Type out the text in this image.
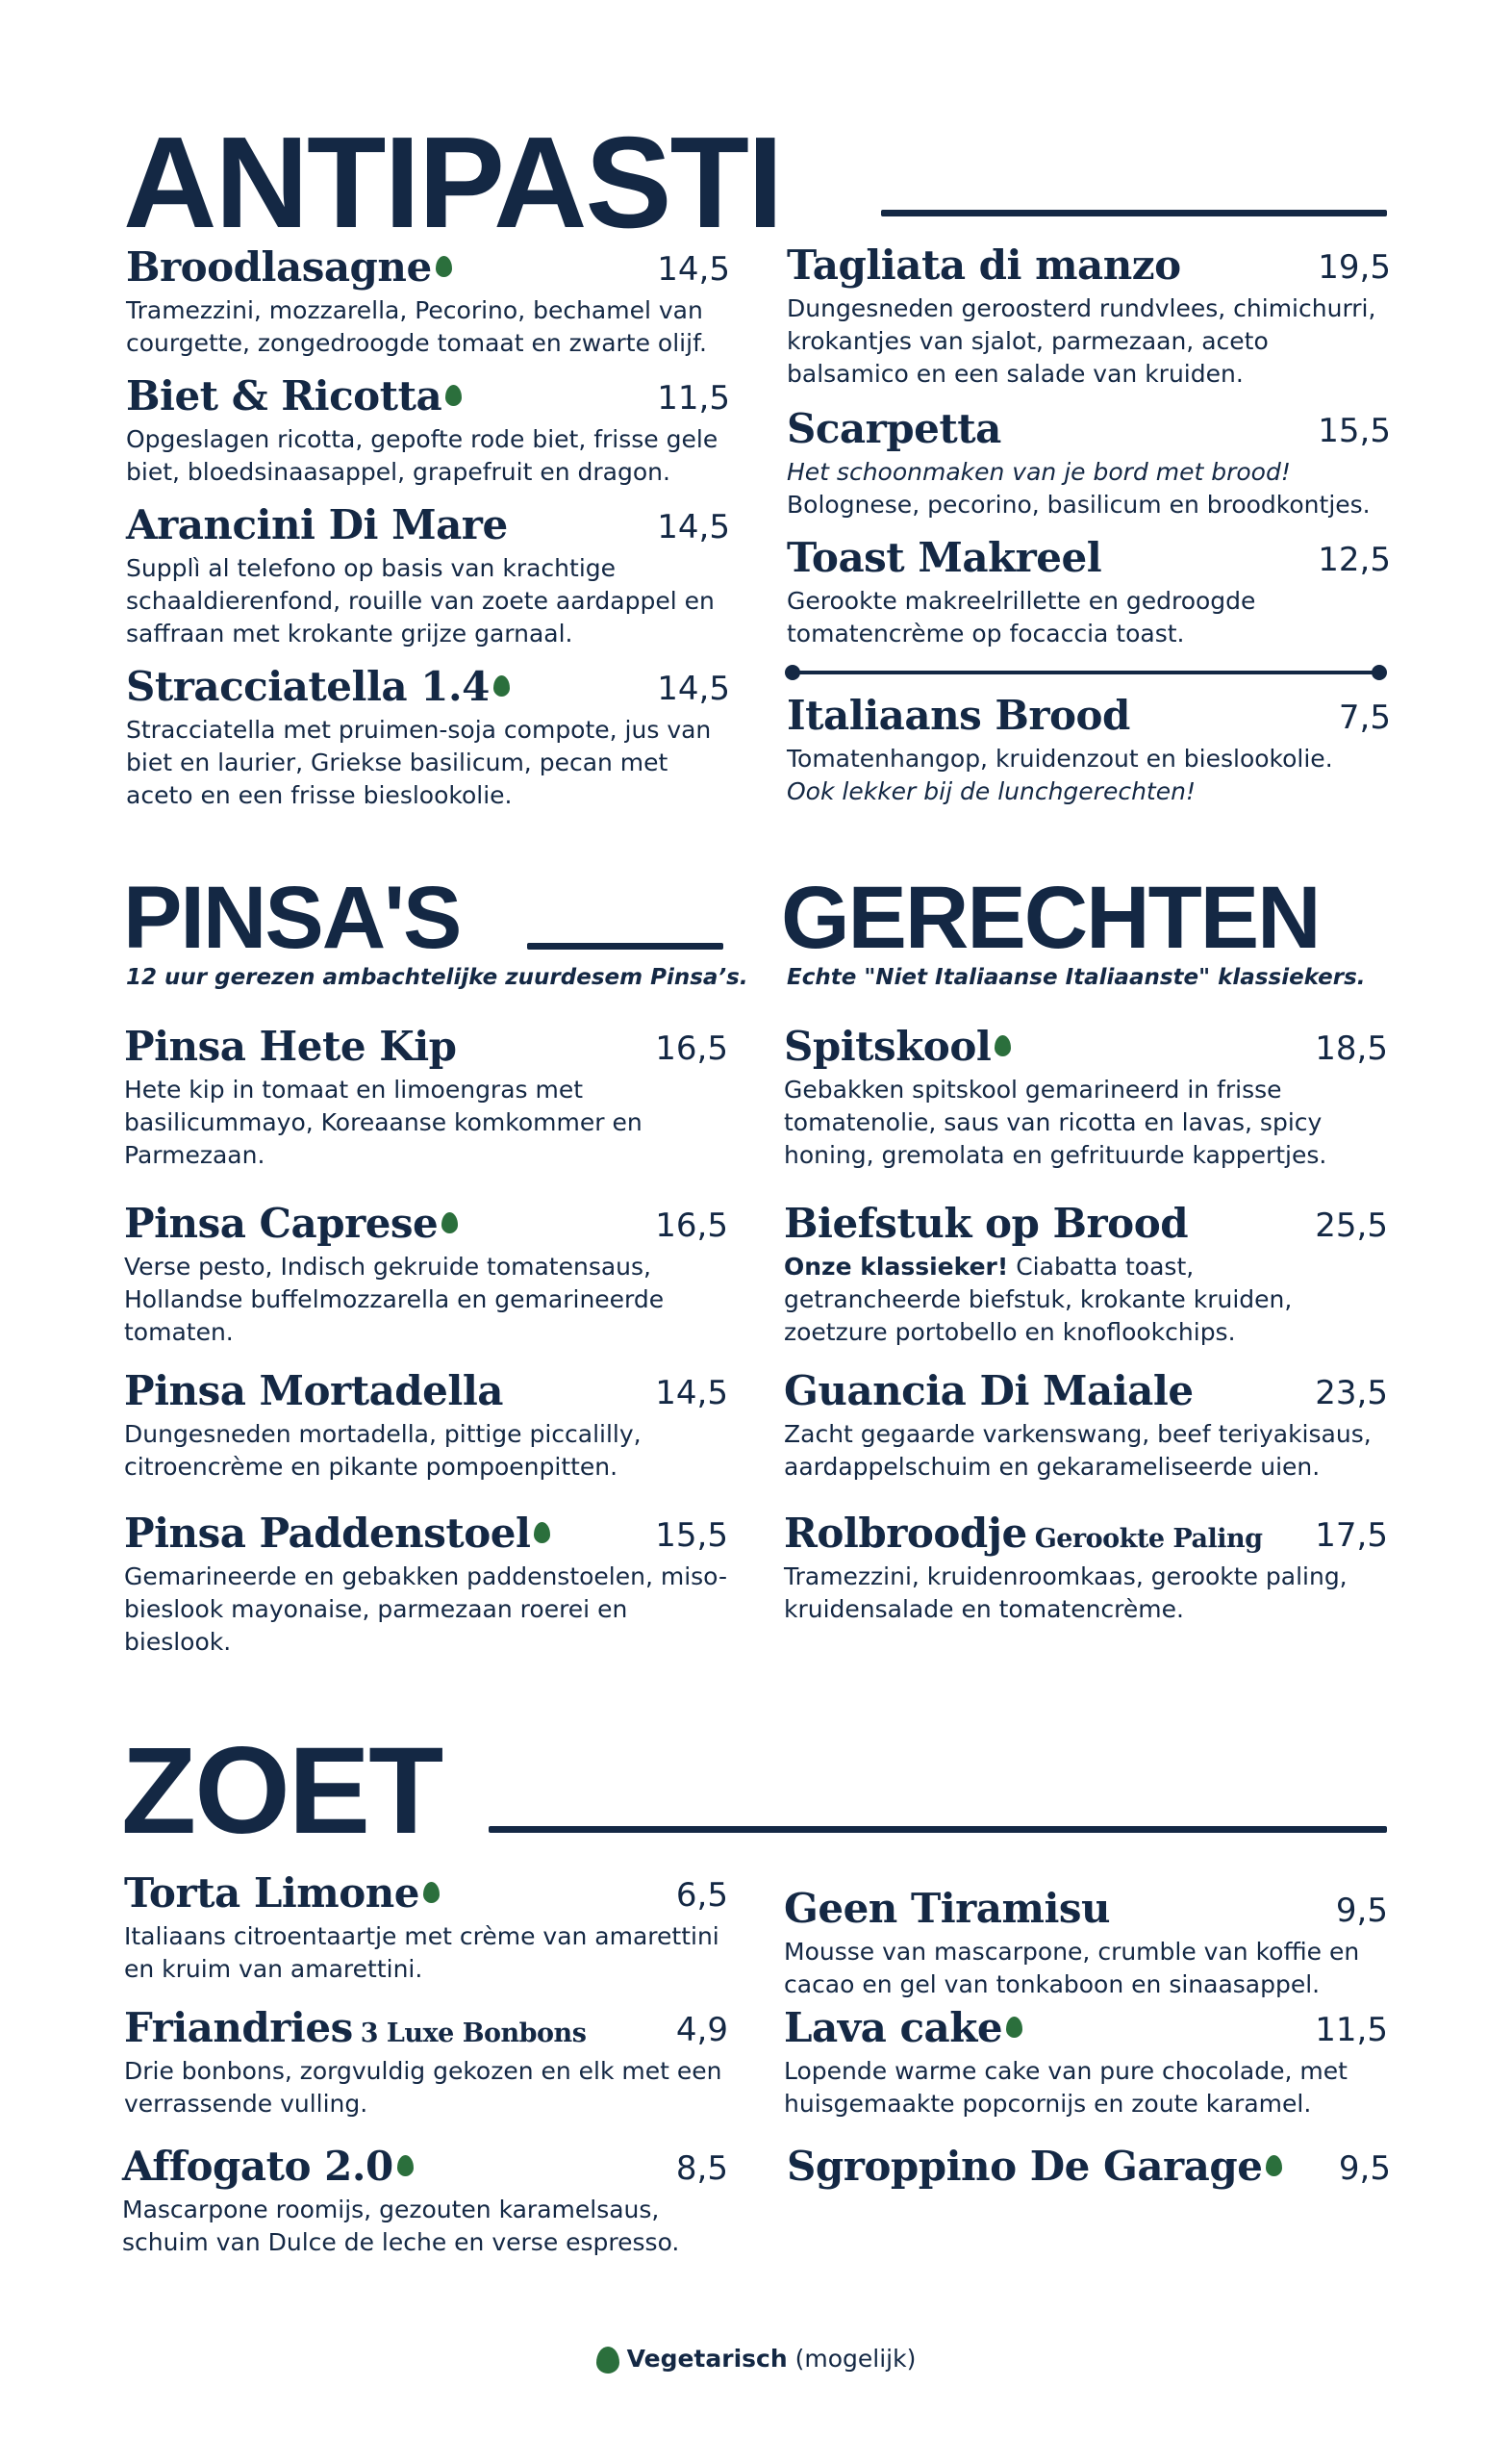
ANTIPASTI
Broodlasagne	14,5
Tramezzini, mozzarella, Pecorino, bechamel van courgette, zongedroogde tomaat en zwarte olijf.
Biet & Ricotta	11,5
Opgeslagen ricotta, gepofte rode biet, frisse gele biet, bloedsinaasappel, grapefruit en dragon.
Arancini Di Mare	14,5
Supplì al telefono op basis van krachtige schaaldierenfond, rouille van zoete aardappel en saffraan met krokante grijze garnaal.
Stracciatella 1.4	14,5
Stracciatella met pruimen-soja compote, jus van biet en laurier, Griekse basilicum, pecan met aceto en een frisse bieslookolie.
Tagliata di manzo	19,5
Dungesneden geroosterd rundvlees, chimichurri, krokantjes van sjalot, parmezaan, aceto balsamico en een salade van kruiden.
Scarpetta	15,5
Het schoonmaken van je bord met brood!
Bolognese, pecorino, basilicum en broodkontjes.
Toast Makreel	12,5
Gerookte makreelrillette en gedroogde tomatencrème op focaccia toast.
Italiaans Brood	7,5
Tomatenhangop, kruidenzout en bieslookolie.
Ook lekker bij de lunchgerechten!
PINSA'S
12 uur gerezen ambachtelijke zuurdesem Pinsa’s.
Pinsa Hete Kip	16,5
Hete kip in tomaat en limoengras met basilicummayo, Koreaanse komkommer en Parmezaan.
Pinsa Caprese	16,5
Verse pesto, Indisch gekruide tomatensaus, Hollandse buffelmozzarella en gemarineerde tomaten.
Pinsa Mortadella	14,5
Dungesneden mortadella, pittige piccalilly, citroencrème en pikante pompoenpitten.
Pinsa Paddenstoel	15,5
Gemarineerde en gebakken paddenstoelen, miso-bieslook mayonaise, parmezaan roerei en bieslook.
GERECHTEN
Echte "Niet Italiaanse Italiaanste" klassiekers.
Spitskool	18,5
Gebakken spitskool gemarineerd in frisse tomatenolie, saus van ricotta en lavas, spicy honing, gremolata en gefrituurde kappertjes.
Biefstuk op Brood	25,5
Onze klassieker! Ciabatta toast, getrancheerde biefstuk, krokante kruiden, zoetzure portobello en knoflookchips.
Guancia Di Maiale	23,5
Zacht gegaarde varkenswang, beef teriyakisaus, aardappelschuim en gekarameliseerde uien.
Rolbroodje Gerookte Paling 17,5
Tramezzini, kruidenroomkaas, gerookte paling, kruidensalade en tomatencrème.
ZOET
Torta Limone	6,5
Italiaans citroentaartje met crème van amarettini en kruim van amarettini.
Friandries 3 Luxe Bonbons	4,9
Drie bonbons, zorgvuldig gekozen en elk met een verrassende vulling.
Affogato 2.0	8,5
Mascarpone roomijs, gezouten karamelsaus, schuim van Dulce de leche en verse espresso.
Geen Tiramisu	9,5
Mousse van mascarpone, crumble van koffie en cacao en gel van tonkaboon en sinaasappel.
Lava cake	11,5
Lopende warme cake van pure chocolade, met huisgemaakte popcornijs en zoute karamel.
Sgroppino De Garage	9,5
Vegetarisch (mogelijk)
